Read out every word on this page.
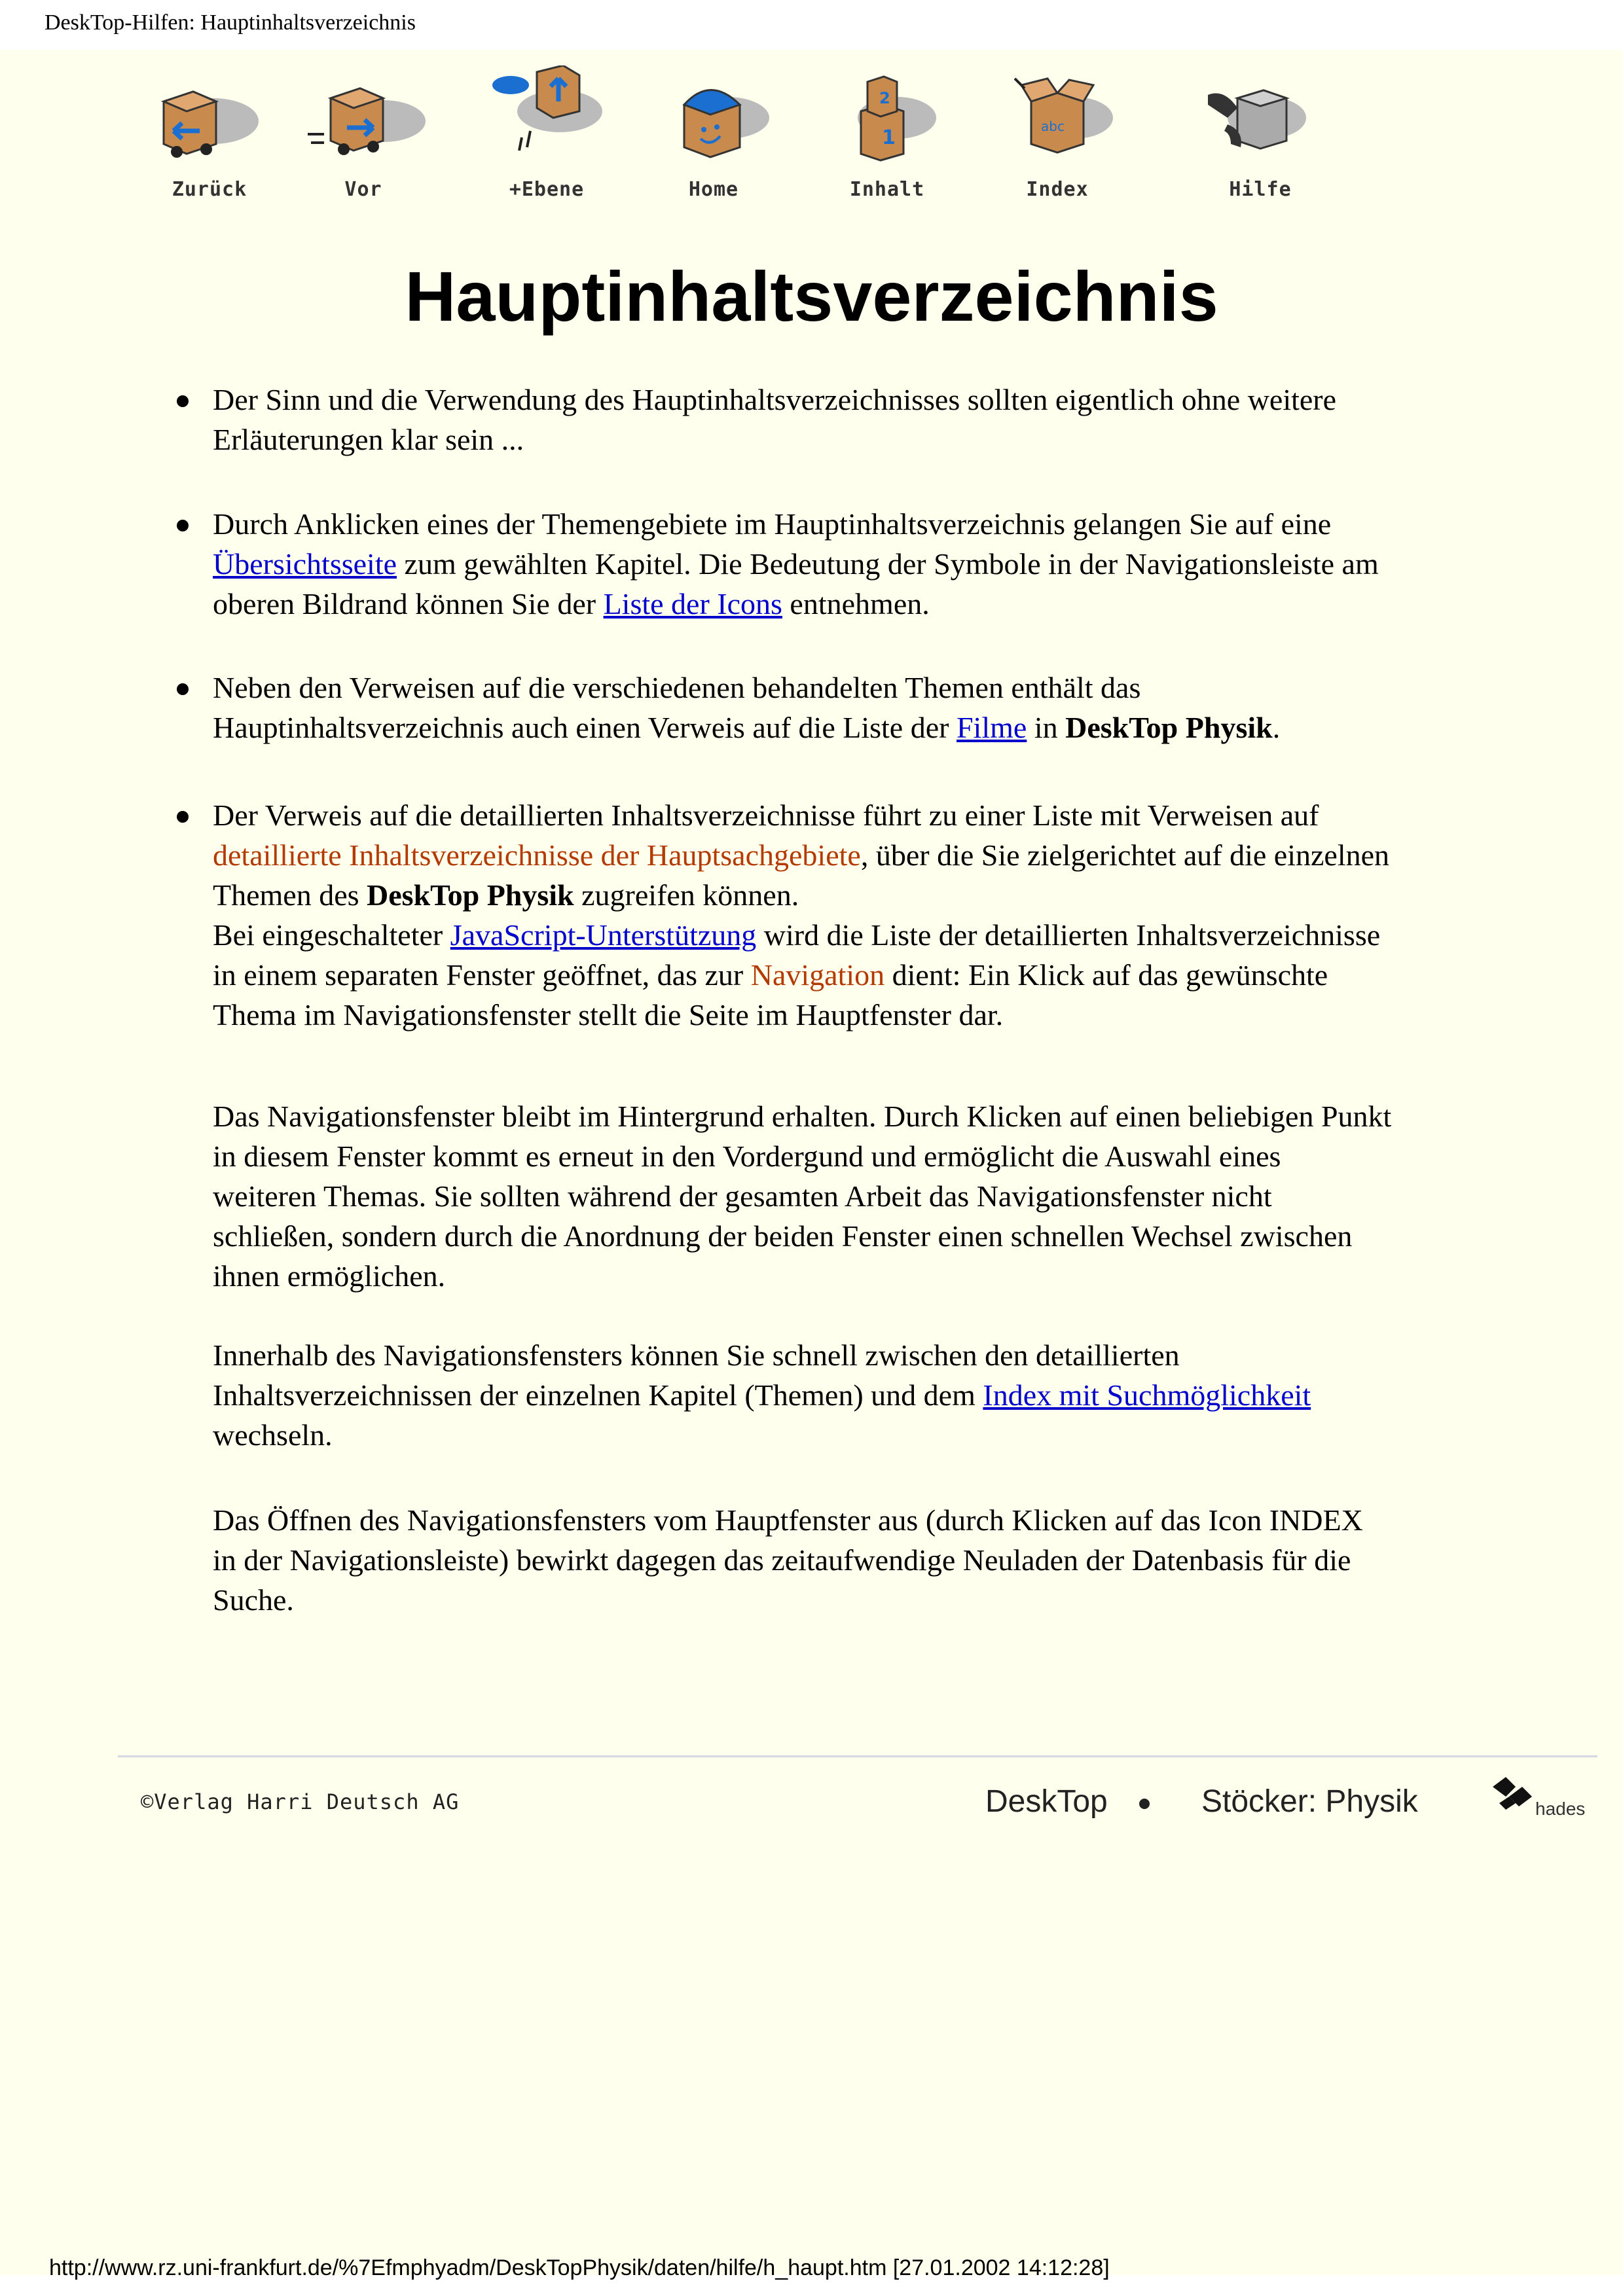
DeskTop-Hilfen: Hauptinhaltsverzeichnis
Zurück	Vor	+Ebene	Home
1
2
Inhalt
abc
Index	Hilfe
Hauptinhaltsverzeichnis
Der Sinn und die Verwendung des Hauptinhaltsverzeichnisses sollten eigentlich ohne weitere
Erläuterungen klar sein ...
Durch Anklicken eines der Themengebiete im Hauptinhaltsverzeichnis gelangen Sie auf eine
Übersichtsseite zum gewählten Kapitel. Die Bedeutung der Symbole in der Navigationsleiste am
oberen Bildrand können Sie der Liste der Icons entnehmen.
Neben den Verweisen auf die verschiedenen behandelten Themen enthält das
Hauptinhaltsverzeichnis auch einen Verweis auf die Liste der Filme in DeskTop Physik.
Der Verweis auf die detaillierten Inhaltsverzeichnisse führt zu einer Liste mit Verweisen auf
detaillierte Inhaltsverzeichnisse der Hauptsachgebiete, über die Sie zielgerichtet auf die einzelnen
Themen des DeskTop Physik zugreifen können.
Bei eingeschalteter JavaScript-Unterstützung wird die Liste der detaillierten Inhaltsverzeichnisse
in einem separaten Fenster geöffnet, das zur Navigation dient: Ein Klick auf das gewünschte
Thema im Navigationsfenster stellt die Seite im Hauptfenster dar.
Das Navigationsfenster bleibt im Hintergrund erhalten. Durch Klicken auf einen beliebigen Punkt
in diesem Fenster kommt es erneut in den Vordergund und ermöglicht die Auswahl eines
weiteren Themas. Sie sollten während der gesamten Arbeit das Navigationsfenster nicht
schließen, sondern durch die Anordnung der beiden Fenster einen schnellen Wechsel zwischen
ihnen ermöglichen.
Innerhalb des Navigationsfensters können Sie schnell zwischen den detaillierten
Inhaltsverzeichnissen der einzelnen Kapitel (Themen) und dem Index mit Suchmöglichkeit
wechseln.
Das Öffnen des Navigationsfensters vom Hauptfenster aus (durch Klicken auf das Icon INDEX
in der Navigationsleiste) bewirkt dagegen das zeitaufwendige Neuladen der Datenbasis für die
Suche.
©Verlag Harri Deutsch AG	DeskTop	Stöcker: Physik	hades
http://www.rz.uni-frankfurt.de/%7Efmphyadm/DeskTopPhysik/daten/hilfe/h_haupt.htm [27.01.2002 14:12:28]
